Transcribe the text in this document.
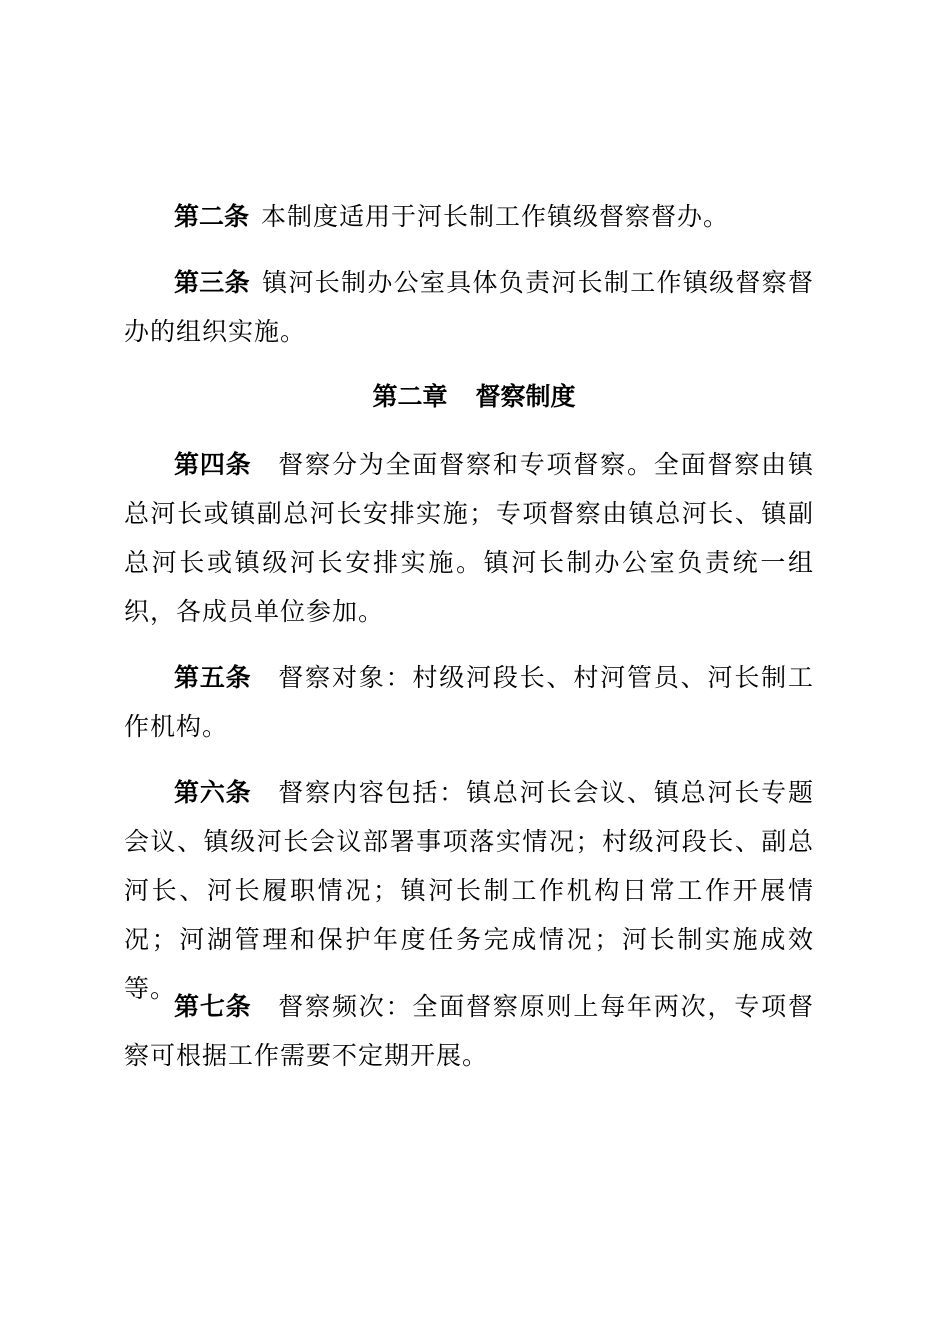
第二条 本制度适用于河长制工作镇级督察督办。

第三条 镇河长制办公室具体负责河长制工作镇级督察督办的组织实施。

第二章 督察制度

第四条 督察分为全面督察和专项督察。全面督察由镇总河长或镇副总河长安排实施；专项督察由镇总河长、镇副总河长或镇级河长安排实施。镇河长制办公室负责统一组织，各成员单位参加。

第五条 督察对象：村级河段长、村河管员、河长制工作机构。

第六条 督察内容包括：镇总河长会议、镇总河长专题会议、镇级河长会议部署事项落实情况；村级河段长、副总河长、河长履职情况；镇河长制工作机构日常工作开展情况；河湖管理和保护年度任务完成情况；河长制实施成效等。

第七条 督察频次：全面督察原则上每年两次，专项督察可根据工作需要不定期开展。
